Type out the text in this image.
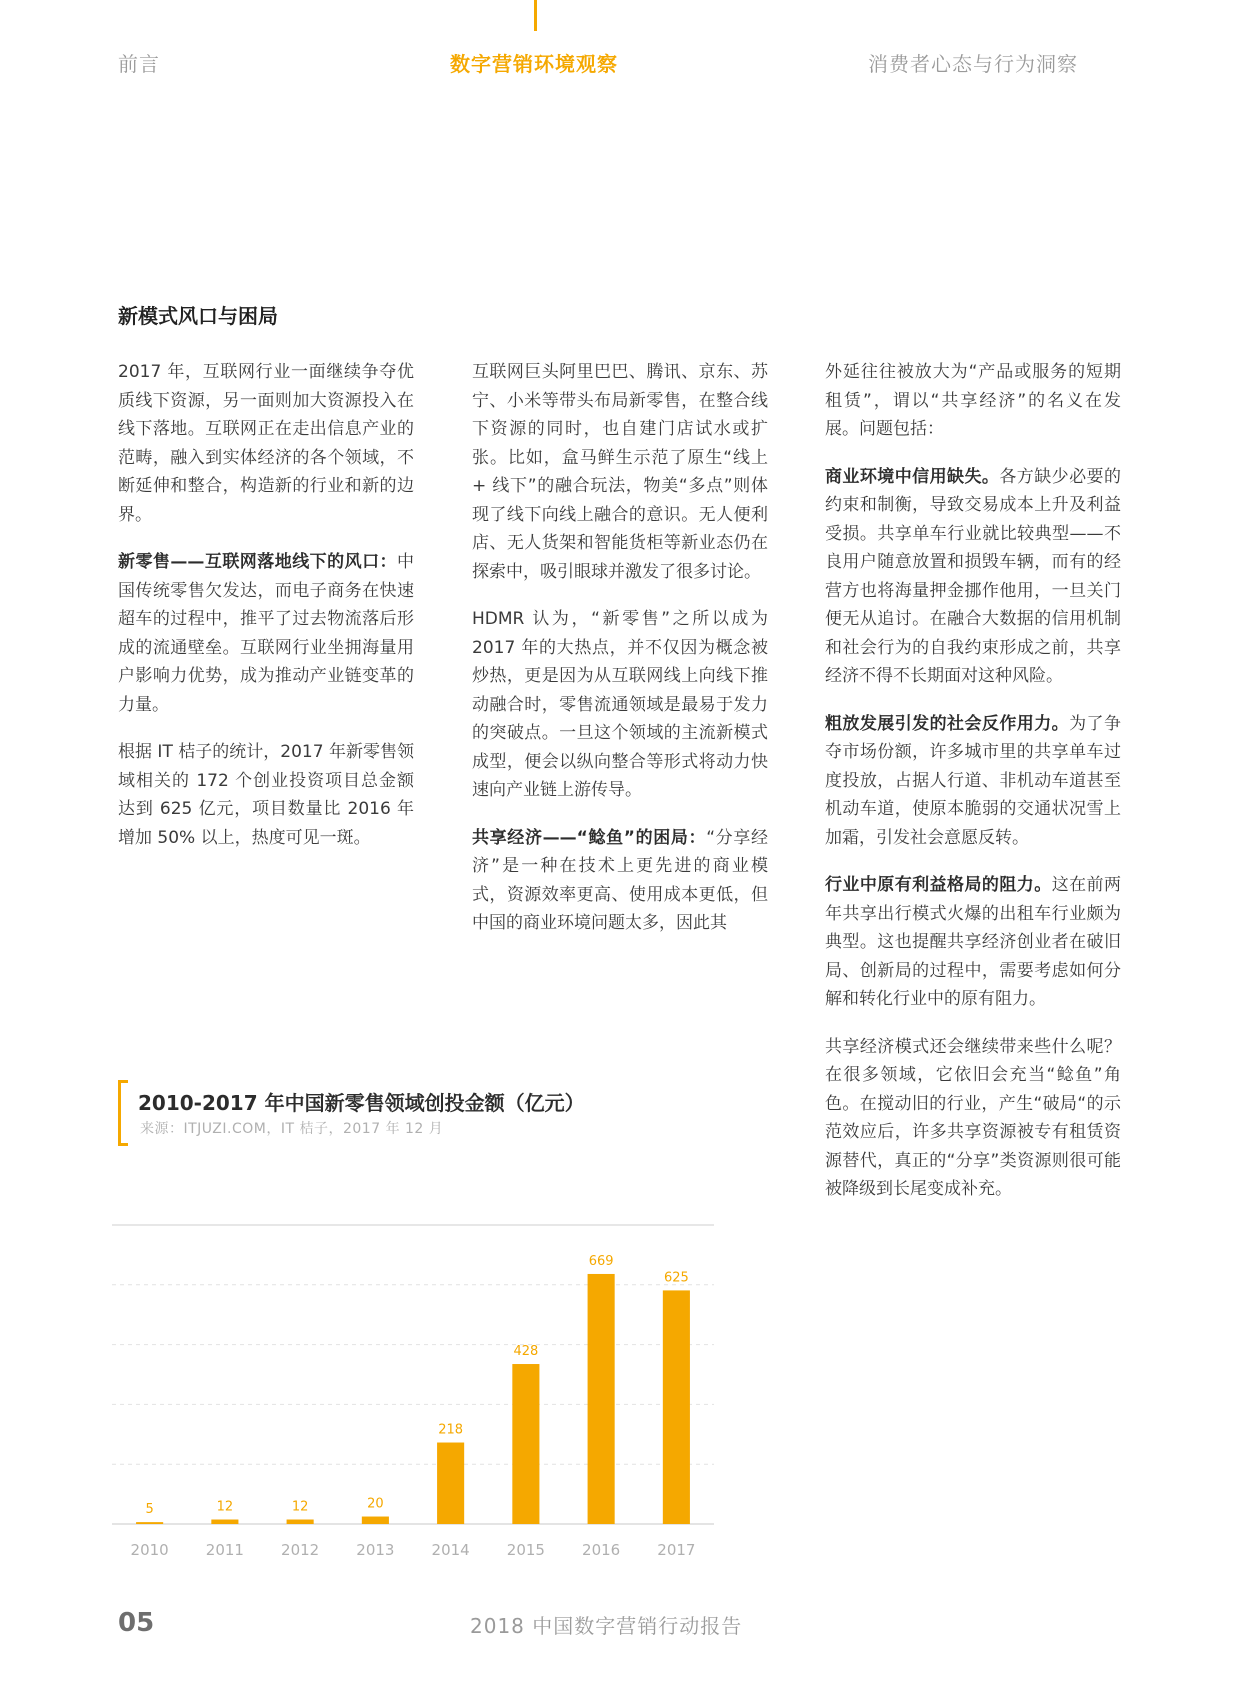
前言	数字营销环境观察	消费者心态与行为洞察
新模式风口与困局

2017 年，互联网行业一面继续争夺优质线下资源，另一面则加大资源投入在线下落地。互联网正在走出信息产业的范畴，融入到实体经济的各个领域，不断延伸和整合，构造新的行业和新的边界。

新零售——互联网落地线下的风口：中国传统零售欠发达，而电子商务在快速超车的过程中，推平了过去物流落后形成的流通壁垒。互联网行业坐拥海量用户影响力优势，成为推动产业链变革的力量。

根据 IT 桔子的统计，2017 年新零售领域相关的 172 个创业投资项目总金额达到 625 亿元，项目数量比 2016 年增加 50% 以上，热度可见一斑。

互联网巨头阿里巴巴、腾讯、京东、苏宁、小米等带头布局新零售，在整合线下资源的同时，也自建门店试水或扩张。比如，盒马鲜生示范了原生“线上 + 线下”的融合玩法，物美“多点”则体现了线下向线上融合的意识。无人便利店、无人货架和智能货柜等新业态仍在探索中，吸引眼球并激发了很多讨论。

HDMR 认为，“新零售”之所以成为 2017 年的大热点，并不仅因为概念被炒热，更是因为从互联网线上向线下推动融合时，零售流通领域是最易于发力的突破点。一旦这个领域的主流新模式成型，便会以纵向整合等形式将动力快速向产业链上游传导。

共享经济——“鲶鱼”的困局：“分享经济”是一种在技术上更先进的商业模式，资源效率更高、使用成本更低，但中国的商业环境问题太多，因此其

外延往往被放大为“产品或服务的短期租赁”，谓以“共享经济”的名义在发展。问题包括：

商业环境中信用缺失。各方缺少必要的约束和制衡，导致交易成本上升及利益受损。共享单车行业就比较典型——不良用户随意放置和损毁车辆，而有的经营方也将海量押金挪作他用，一旦关门便无从追讨。在融合大数据的信用机制和社会行为的自我约束形成之前，共享经济不得不长期面对这种风险。

粗放发展引发的社会反作用力。为了争夺市场份额，许多城市里的共享单车过度投放，占据人行道、非机动车道甚至机动车道，使原本脆弱的交通状况雪上加霜，引发社会意愿反转。

行业中原有利益格局的阻力。这在前两年共享出行模式火爆的出租车行业颇为典型。这也提醒共享经济创业者在破旧局、创新局的过程中，需要考虑如何分解和转化行业中的原有阻力。

共享经济模式还会继续带来些什么呢？在很多领域，它依旧会充当“鲶鱼”角色。在搅动旧的行业，产生“破局“的示范效应后，许多共享资源被专有租赁资源替代，真正的“分享”类资源则很可能被降级到长尾变成补充。

2010-2017 年中国新零售领域创投金额（亿元）
来源：ITJUZI.COM，IT 桔子，2017 年 12 月
5
2010
12
2011
12
2012
20
2013
218
2014
428
2015
669
2016
625
2017
05	2018 中国数字营销行动报告
